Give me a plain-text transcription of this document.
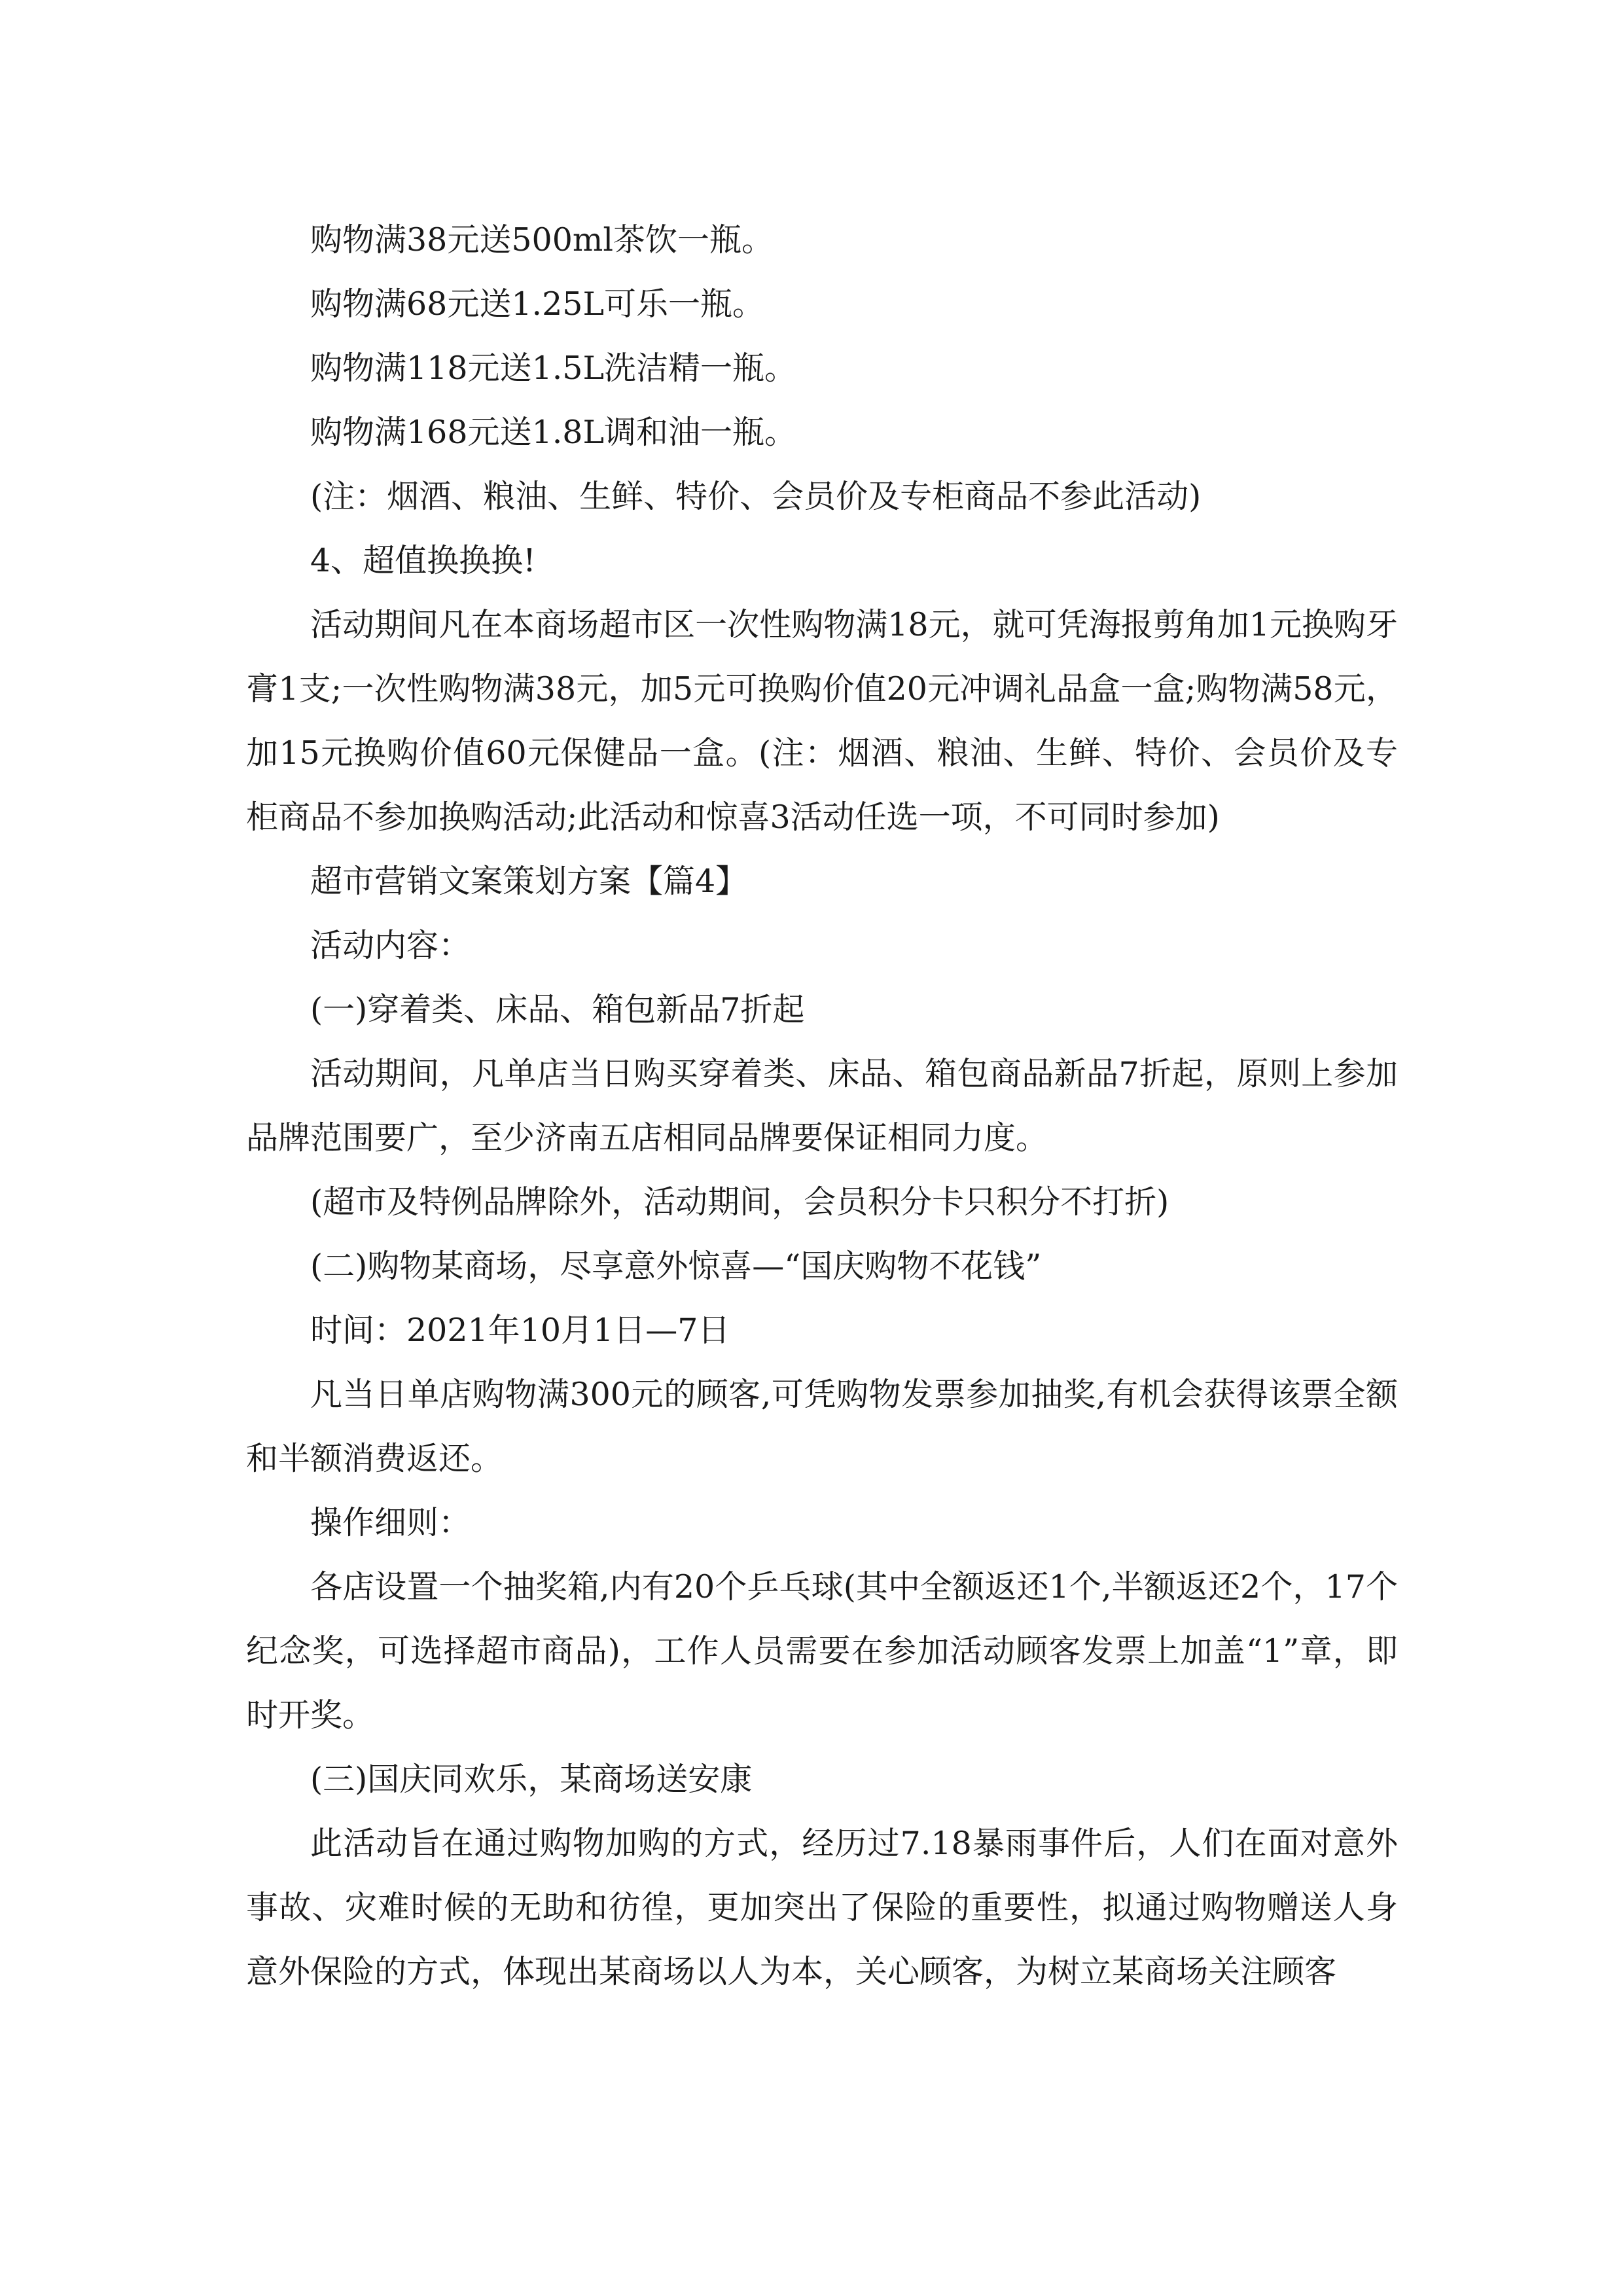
购物满38元送500ml茶饮一瓶。

购物满68元送1.25L可乐一瓶。

购物满118元送1.5L洗洁精一瓶。

购物满168元送1.8L调和油一瓶。

(注：烟酒、粮油、生鲜、特价、会员价及专柜商品不参此活动)

4、超值换换换!

活动期间凡在本商场超市区一次性购物满18元，就可凭海报剪角加1元换购牙膏1支;一次性购物满38元，加5元可换购价值20元冲调礼品盒一盒;购物满58元，加15元换购价值60元保健品一盒。(注：烟酒、粮油、生鲜、特价、会员价及专柜商品不参加换购活动;此活动和惊喜3活动任选一项，不可同时参加)

超市营销文案策划方案【篇4】

活动内容：

(一)穿着类、床品、箱包新品7折起

活动期间，凡单店当日购买穿着类、床品、箱包商品新品7折起，原则上参加品牌范围要广，至少济南五店相同品牌要保证相同力度。

(超市及特例品牌除外，活动期间，会员积分卡只积分不打折)

(二)购物某商场，尽享意外惊喜—“国庆购物不花钱”

时间：2021年10月1日—7日

凡当日单店购物满300元的顾客,可凭购物发票参加抽奖,有机会获得该票全额和半额消费返还。

操作细则：

各店设置一个抽奖箱,内有20个乒乓球(其中全额返还1个,半额返还2个，17个纪念奖，可选择超市商品)，工作人员需要在参加活动顾客发票上加盖“1”章，即时开奖。

(三)国庆同欢乐，某商场送安康

此活动旨在通过购物加购的方式，经历过7.18暴雨事件后，人们在面对意外事故、灾难时候的无助和彷徨，更加突出了保险的重要性，拟通过购物赠送人身意外保险的方式，体现出某商场以人为本，关心顾客，为树立某商场关注顾客
